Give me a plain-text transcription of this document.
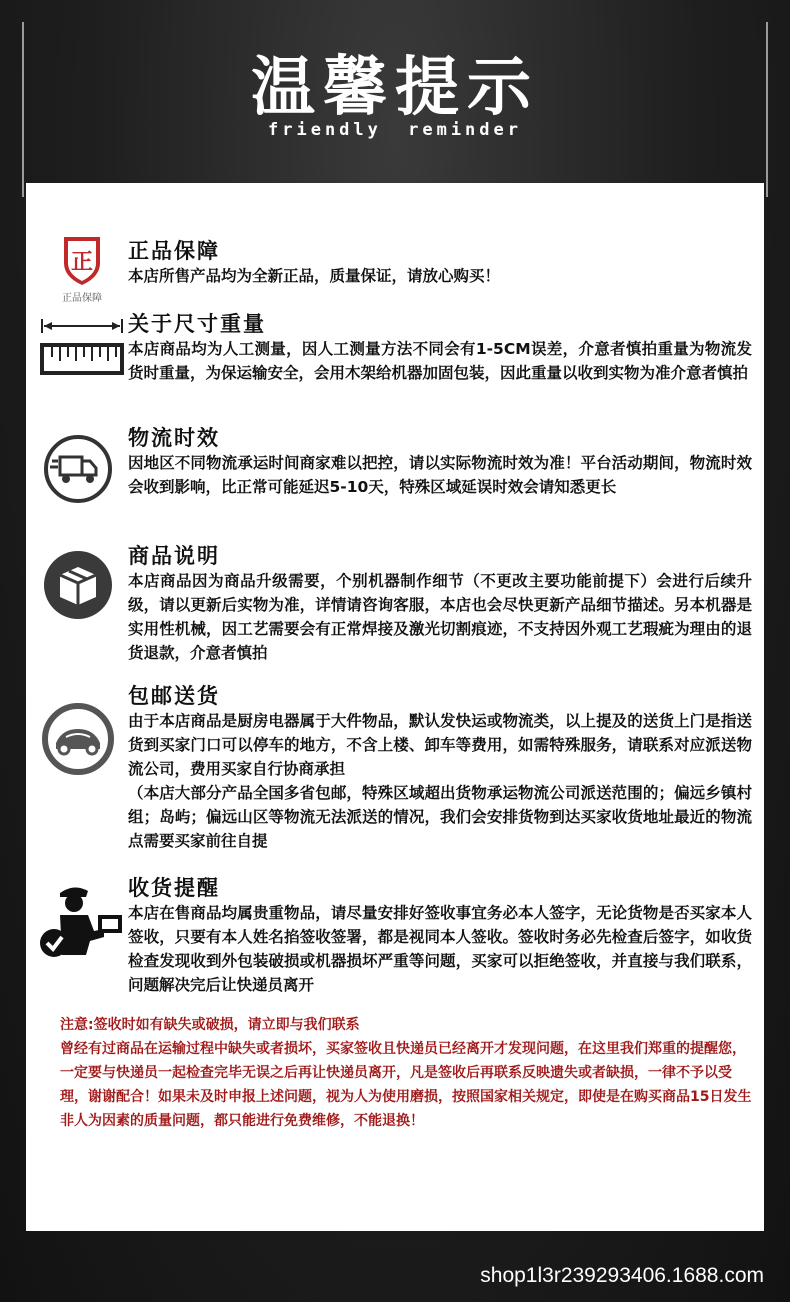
温馨提示
friendly reminder
正
正品保障
正品保障

本店所售产品均为全新正品，质量保证，请放心购买！

关于尺寸重量

本店商品均为人工测量，因人工测量方法不同会有1-5CM误差，介意者慎拍重量为物流发货时重量，为保运输安全，会用木架给机器加固包装，因此重量以收到实物为准介意者慎拍

物流时效

因地区不同物流承运时间商家难以把控，请以实际物流时效为准！平台活动期间，物流时效会收到影响，比正常可能延迟5-10天，特殊区域延误时效会请知悉更长

商品说明

本店商品因为商品升级需要，个别机器制作细节（不更改主要功能前提下）会进行后续升级，请以更新后实物为准，详情请咨询客服，本店也会尽快更新产品细节描述。另本机器是实用性机械，因工艺需要会有正常焊接及激光切割痕迹，不支持因外观工艺瑕疵为理由的退货退款，介意者慎拍

包邮送货

由于本店商品是厨房电器属于大件物品，默认发快运或物流类，以上提及的送货上门是指送货到买家门口可以停车的地方，不含上楼、卸车等费用，如需特殊服务，请联系对应派送物流公司，费用买家自行协商承担

（本店大部分产品全国多省包邮，特殊区域超出货物承运物流公司派送范围的；偏远乡镇村组；岛屿；偏远山区等物流无法派送的情况，我们会安排货物到达买家收货地址最近的物流点需要买家前往自提

收货提醒

本店在售商品均属贵重物品，请尽量安排好签收事宜务必本人签字，无论货物是否买家本人签收，只要有本人姓名掐签收签署，都是视同本人签收。签收时务必先检查后签字，如收货检查发现收到外包装破损或机器损坏严重等问题，买家可以拒绝签收，并直接与我们联系，问题解决完后让快递员离开

注意:签收时如有缺失或破损，请立即与我们联系

曾经有过商品在运输过程中缺失或者损坏，买家签收且快递员已经离开才发现问题，在这里我们郑重的提醒您，一定要与快递员一起检查完毕无误之后再让快递员离开，凡是签收后再联系反映遗失或者缺损，一律不予以受理，谢谢配合！如果未及时申报上述问题，视为人为使用磨损，按照国家相关规定，即使是在购买商品15日发生非人为因素的质量问题，都只能进行免费维修，不能退换！

shop1l3r239293406.1688.com
